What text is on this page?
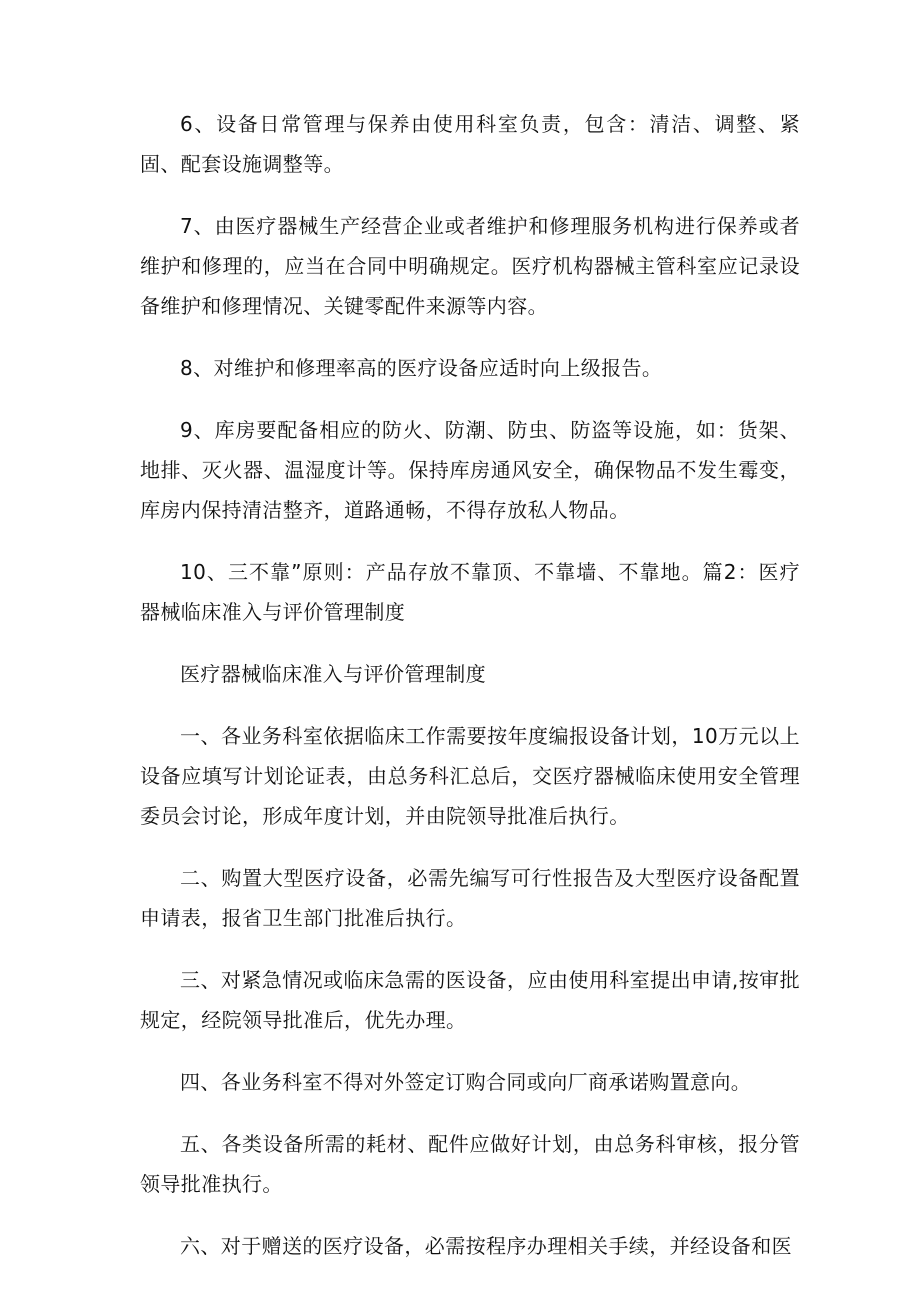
6、设备日常管理与保养由使用科室负责，包含：清洁、调整、紧固、配套设施调整等。

7、由医疗器械生产经营企业或者维护和修理服务机构进行保养或者维护和修理的，应当在合同中明确规定。医疗机构器械主管科室应记录设备维护和修理情况、关键零配件来源等内容。

8、对维护和修理率高的医疗设备应适时向上级报告。

9、库房要配备相应的防火、防潮、防虫、防盗等设施，如：货架、地排、灭火器、温湿度计等。保持库房通风安全，确保物品不发生霉变，库房内保持清洁整齐，道路通畅，不得存放私人物品。

10、三不靠”原则：产品存放不靠顶、不靠墙、不靠地。篇2：医疗器械临床准入与评价管理制度

医疗器械临床准入与评价管理制度

一、各业务科室依据临床工作需要按年度编报设备计划，10万元以上设备应填写计划论证表，由总务科汇总后，交医疗器械临床使用安全管理委员会讨论，形成年度计划，并由院领导批准后执行。

二、购置大型医疗设备，必需先编写可行性报告及大型医疗设备配置申请表，报省卫生部门批准后执行。

三、对紧急情况或临床急需的医设备，应由使用科室提出申请,按审批规定，经院领导批准后，优先办理。

四、各业务科室不得对外签定订购合同或向厂商承诺购置意向。

五、各类设备所需的耗材、配件应做好计划，由总务科审核，报分管领导批准执行。

六、对于赠送的医疗设备，必需按程序办理相关手续，并经设备和医
